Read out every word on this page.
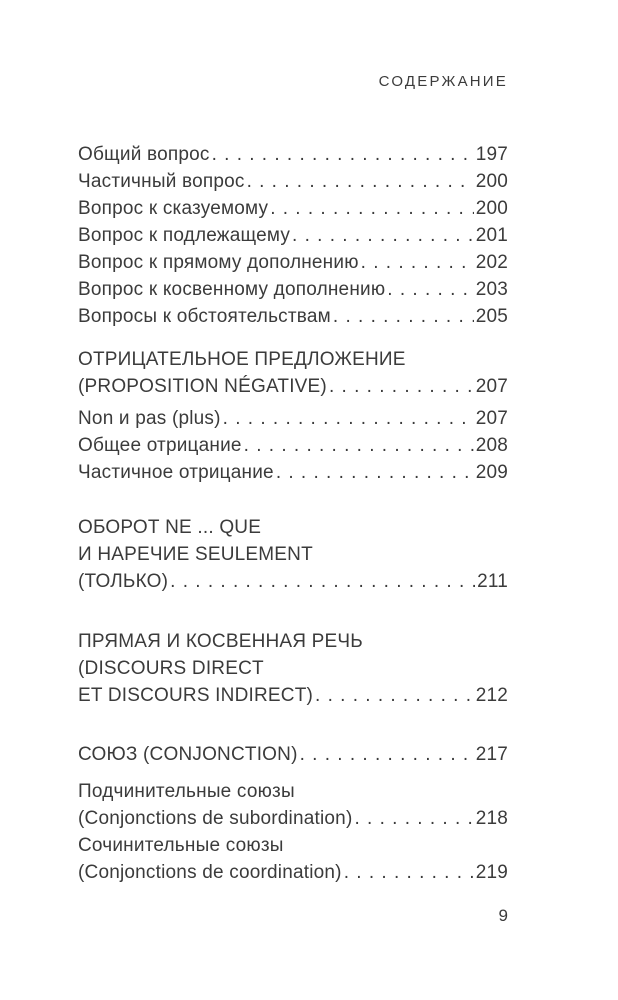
СОДЕРЖАНИЕ
Общий вопрос . . .	197
Частичный вопрос . . .	200
Вопрос к сказуемому . . .	200
Вопрос к подлежащему . . .	201
Вопрос к прямому дополнению . . .	202
Вопрос к косвенному дополнению . . .	203
Вопросы к обстоятельствам . . .	205
ОТРИЦАТЕЛЬНОЕ ПРЕДЛОЖЕНИЕ
(PROPOSITION NÉGATIVE) . . .	207
Non и pas (plus) . . .	207
Общее отрицание . . .	208
Частичное отрицание . . .	209
ОБОРОТ NE ... QUE
И НАРЕЧИЕ SEULEMENT
(ТОЛЬКО) . . .	211
ПРЯМАЯ И КОСВЕННАЯ РЕЧЬ
(DISCOURS DIRECT
ET DISCOURS INDIRECT) . . .	212
СОЮЗ (CONJONCTION) . . .	217
Подчинительные союзы
(Conjonctions de subordination) . . .	218
Сочинительные союзы
(Conjonctions de coordination) . . .	219
9
